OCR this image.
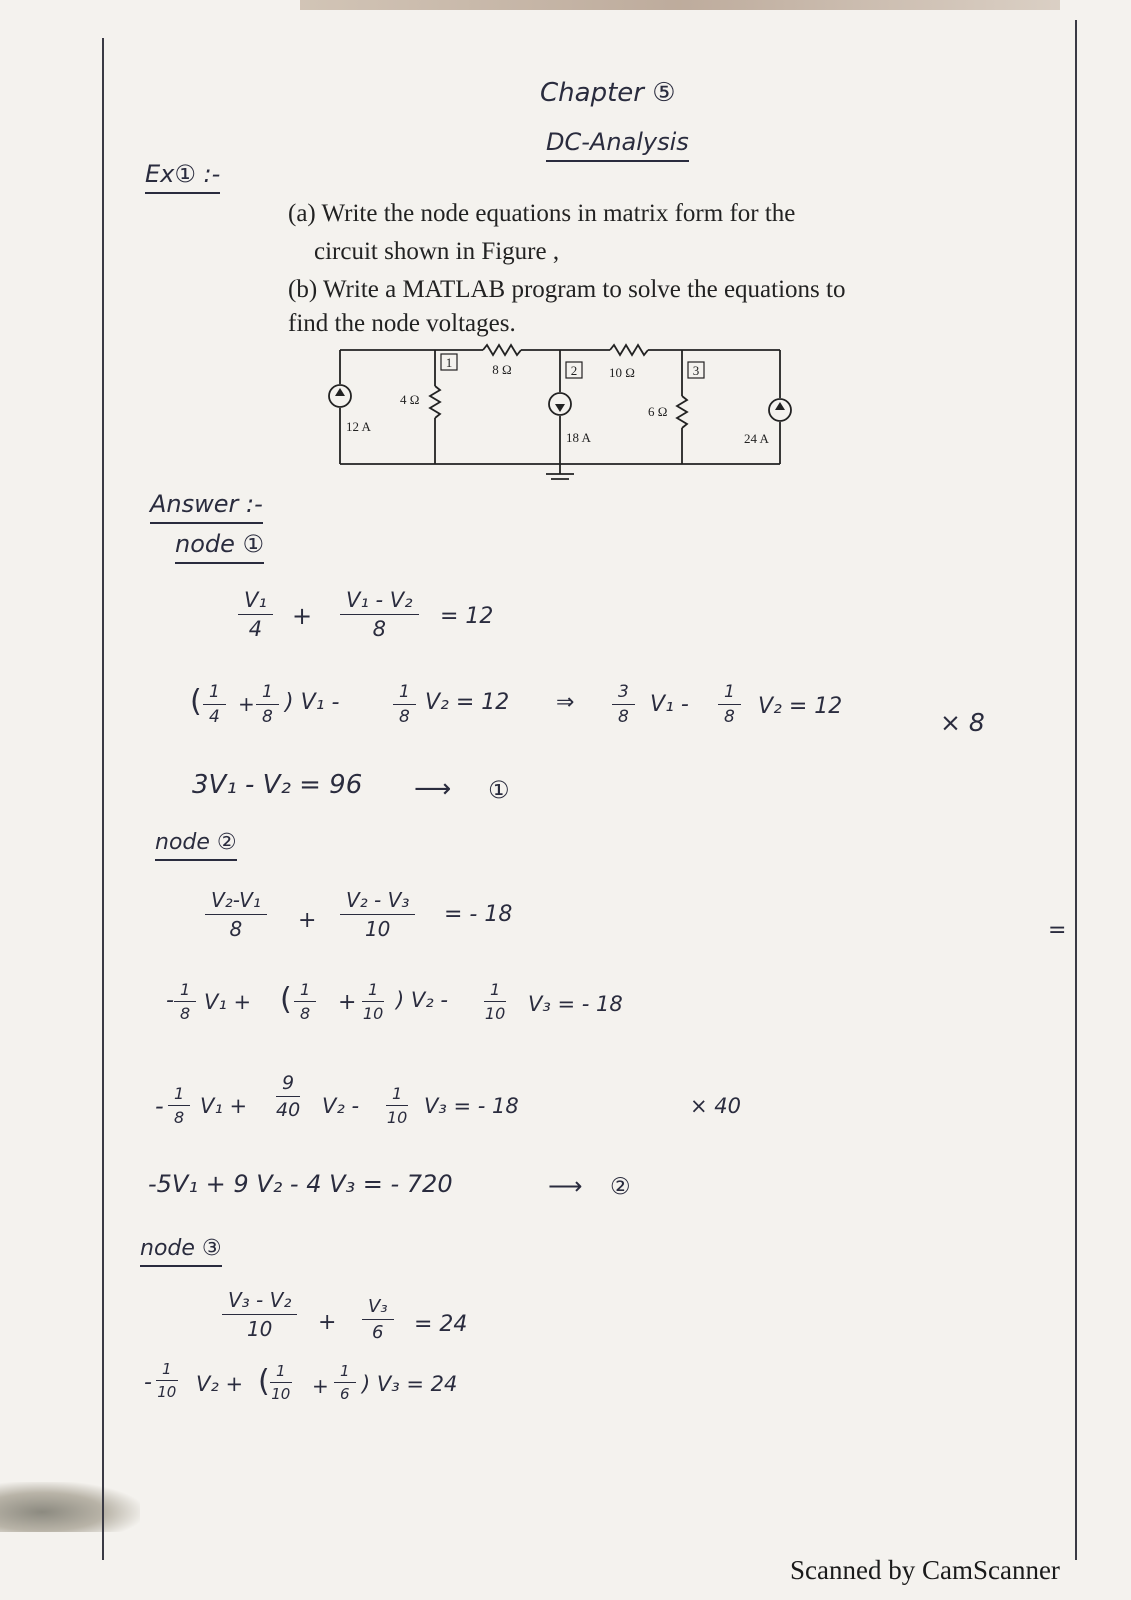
Chapter ⑤
DC-Analysis
Ex① :-
(a) Write the node equations in matrix form for the
circuit shown in Figure ,
(b) Write a MATLAB program to solve the equations to
find the node voltages.
1
2	3
8 Ω	10 Ω
4 Ω
6 Ω
12 A
18 A	24 A
Answer :-
node ①
$\frac{\text{V₁}}{4} + \frac{\text{V₁ - V₂}}{8} = 12$
( $\frac{1}{4} + \frac{1}{8}$ ) V₁ -	$\frac{1}{8} V_2 = 12$ ⇒ $\frac{3}{8} V_1 - \frac{1}{8} V_2 = 12$
× 8
3V₁ - V₂ = 96 ⟶ ①
node ②
$\frac{\text{V₂-V₁}}{8} + \frac{\text{V₂ - V₃}}{10}$ = - 18
=
- $\frac{1}{8} V_1$ + ( $\frac{1}{8} + \frac{1}{10}$ ) $V_2 - \frac{1}{10} V_3$ = - 18
- $\frac{1}{8} V_1 + \frac{9}{40} V_2 - \frac{1}{10} V_3$ = - 18	× 40
-5V₁ + 9 V₂ - 4 V₃ = - 720	⟶ ②
node ③
$\frac{\text{V₃ - V₂}}{10} + \frac{\text{V₃}}{6} = 24$
- $\frac{1}{10} V_2$ + ( $\frac{1}{10} + \frac{1}{6}$ ) V₃ = 24
Scanned by CamScanner
